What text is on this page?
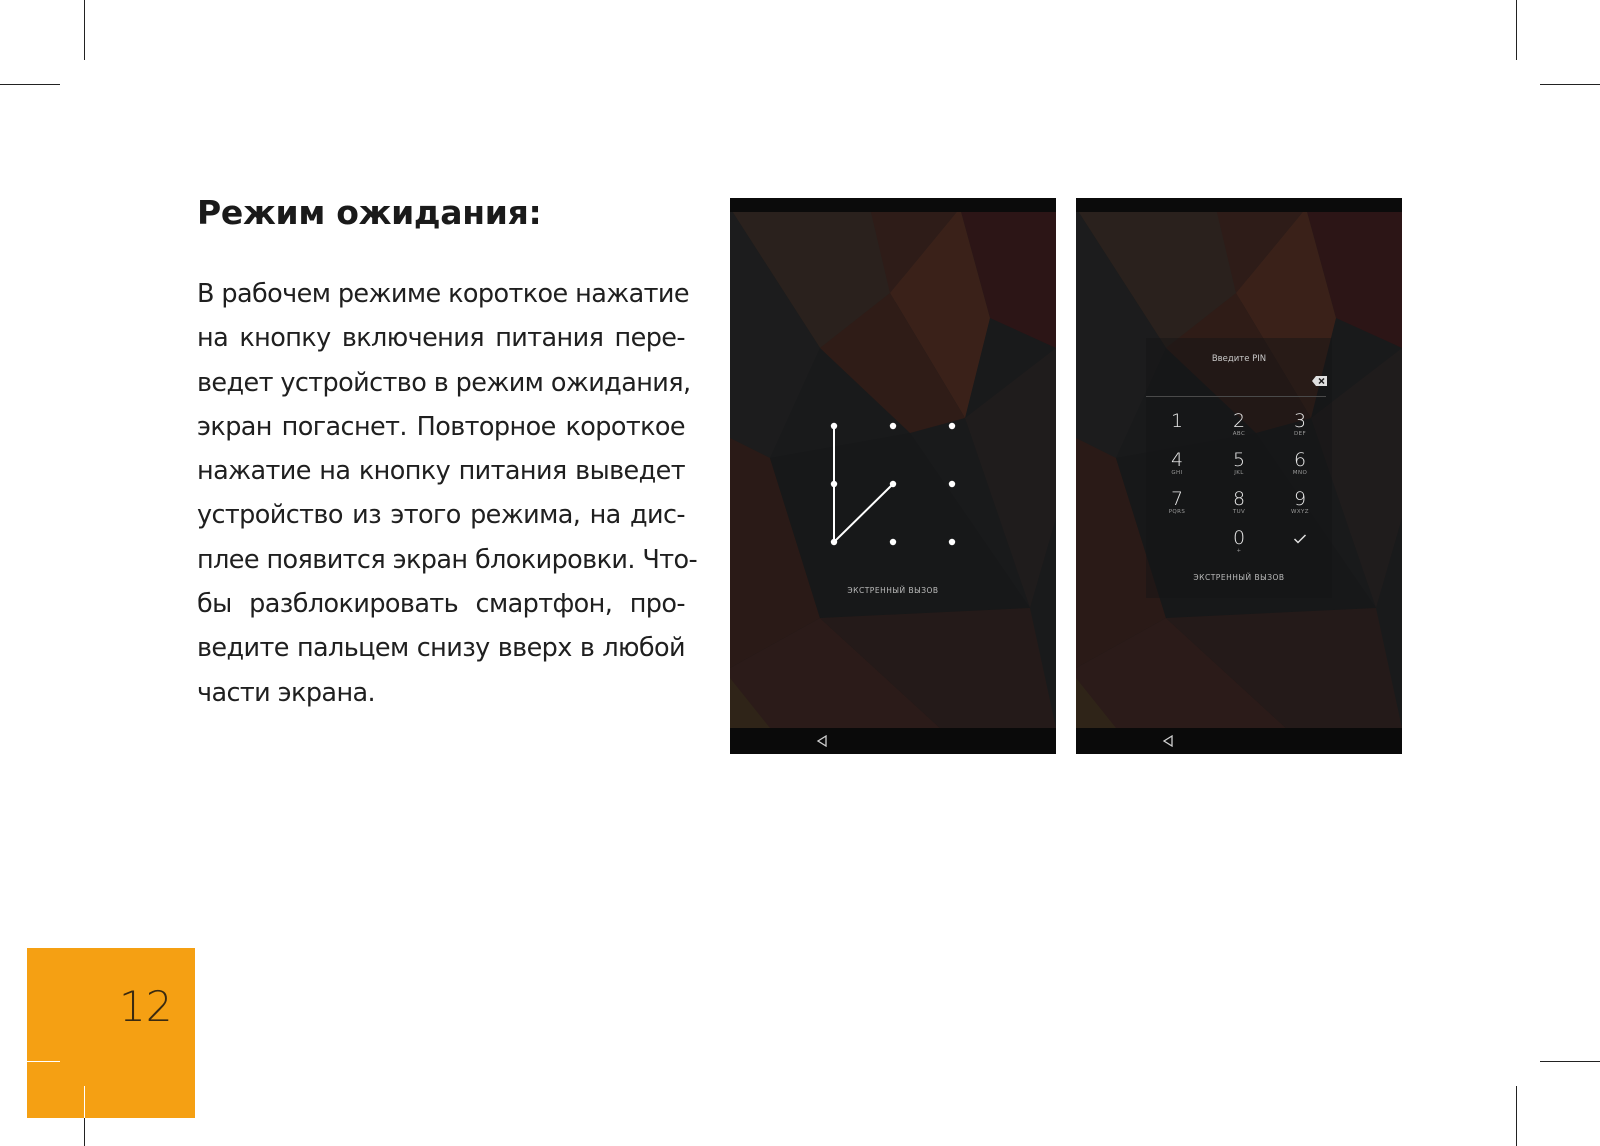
Режим ожидания:
В рабочем режиме короткое нажатие
на кнопку включения питания пере-
ведет устройство в режим ожидания,
экран погаснет. Повторное короткое
нажатие на кнопку питания выведет
устройство из этого режима, на дис-
плее появится экран блокировки. Что-
бы разблокировать смартфон, про-
ведите пальцем снизу вверх в любой
части экрана.
ЭКСТРЕННЫЙ ВЫЗОВ
Введите PIN
1	2
ABC
3
DEF
4
GHI
5
JKL
6
MNO
7
PQRS
8
TUV
9
WXYZ
0
+
ЭКСТРЕННЫЙ ВЫЗОВ
12
